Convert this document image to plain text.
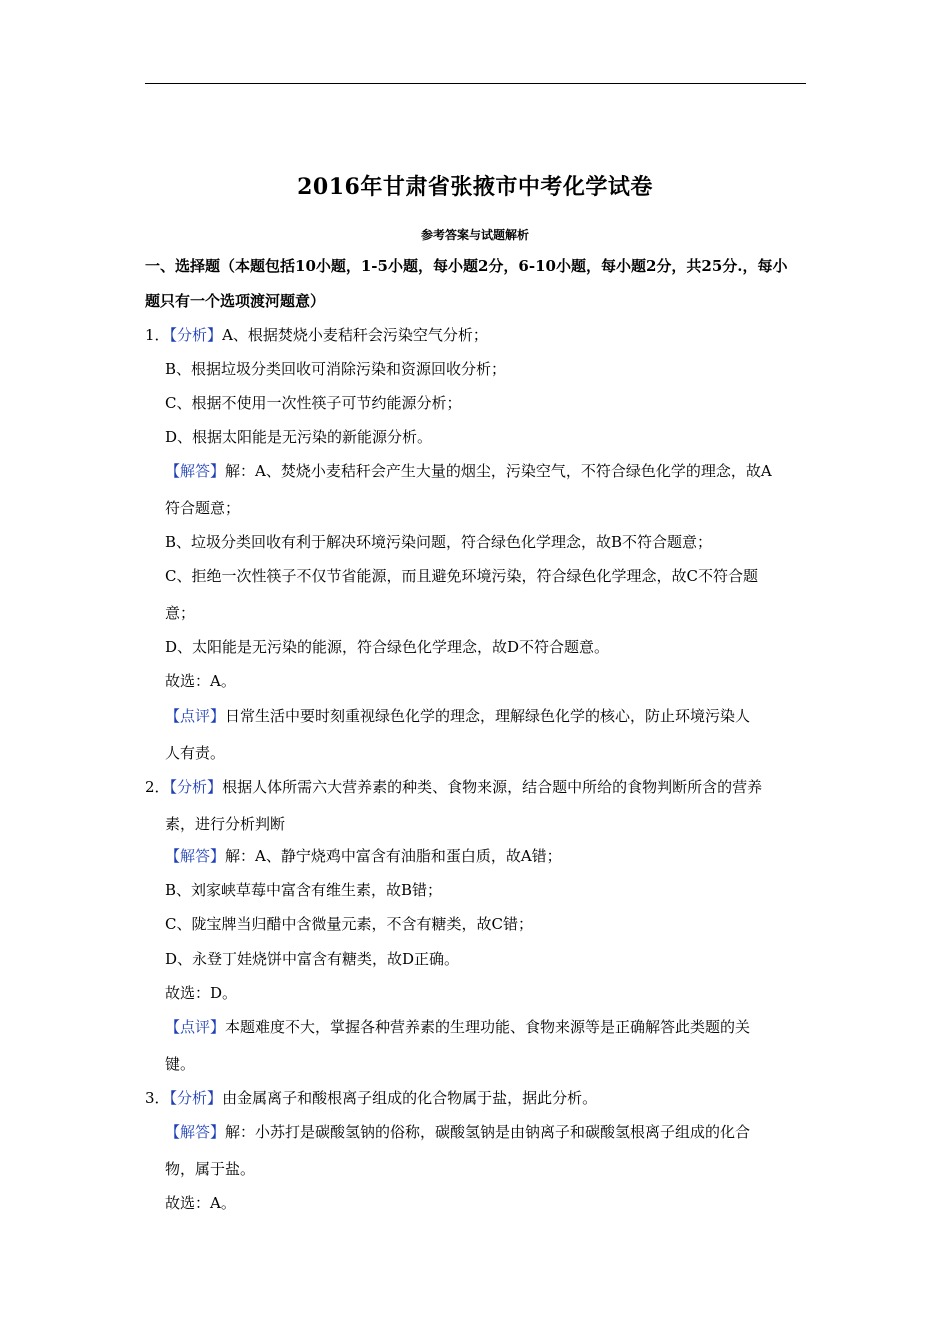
2016年甘肃省张掖市中考化学试卷
参考答案与试题解析
一、选择题（本题包括10小题，1-5小题，每小题2分，6-10小题，每小题2分，共25分.，每小
题只有一个选项渡河题意）
1．【分析】A、根据焚烧小麦秸秆会污染空气分析；
B、根据垃圾分类回收可消除污染和资源回收分析；
C、根据不使用一次性筷子可节约能源分析；
D、根据太阳能是无污染的新能源分析。
【解答】解：A、焚烧小麦秸秆会产生大量的烟尘，污染空气，不符合绿色化学的理念，故A
符合题意；
B、垃圾分类回收有利于解决环境污染问题，符合绿色化学理念，故B不符合题意；
C、拒绝一次性筷子不仅节省能源，而且避免环境污染，符合绿色化学理念，故C不符合题
意；
D、太阳能是无污染的能源，符合绿色化学理念，故D不符合题意。
故选：A。
【点评】日常生活中要时刻重视绿色化学的理念，理解绿色化学的核心，防止环境污染人
人有责。
2．【分析】根据人体所需六大营养素的种类、食物来源，结合题中所给的食物判断所含的营养
素，进行分析判断
【解答】解：A、静宁烧鸡中富含有油脂和蛋白质，故A错；
B、刘家峡草莓中富含有维生素，故B错；
C、陇宝牌当归醋中含微量元素，不含有糖类，故C错；
D、永登丁娃烧饼中富含有糖类，故D正确。
故选：D。
【点评】本题难度不大，掌握各种营养素的生理功能、食物来源等是正确解答此类题的关
键。
3．【分析】由金属离子和酸根离子组成的化合物属于盐，据此分析。
【解答】解：小苏打是碳酸氢钠的俗称，碳酸氢钠是由钠离子和碳酸氢根离子组成的化合
物，属于盐。
故选：A。
